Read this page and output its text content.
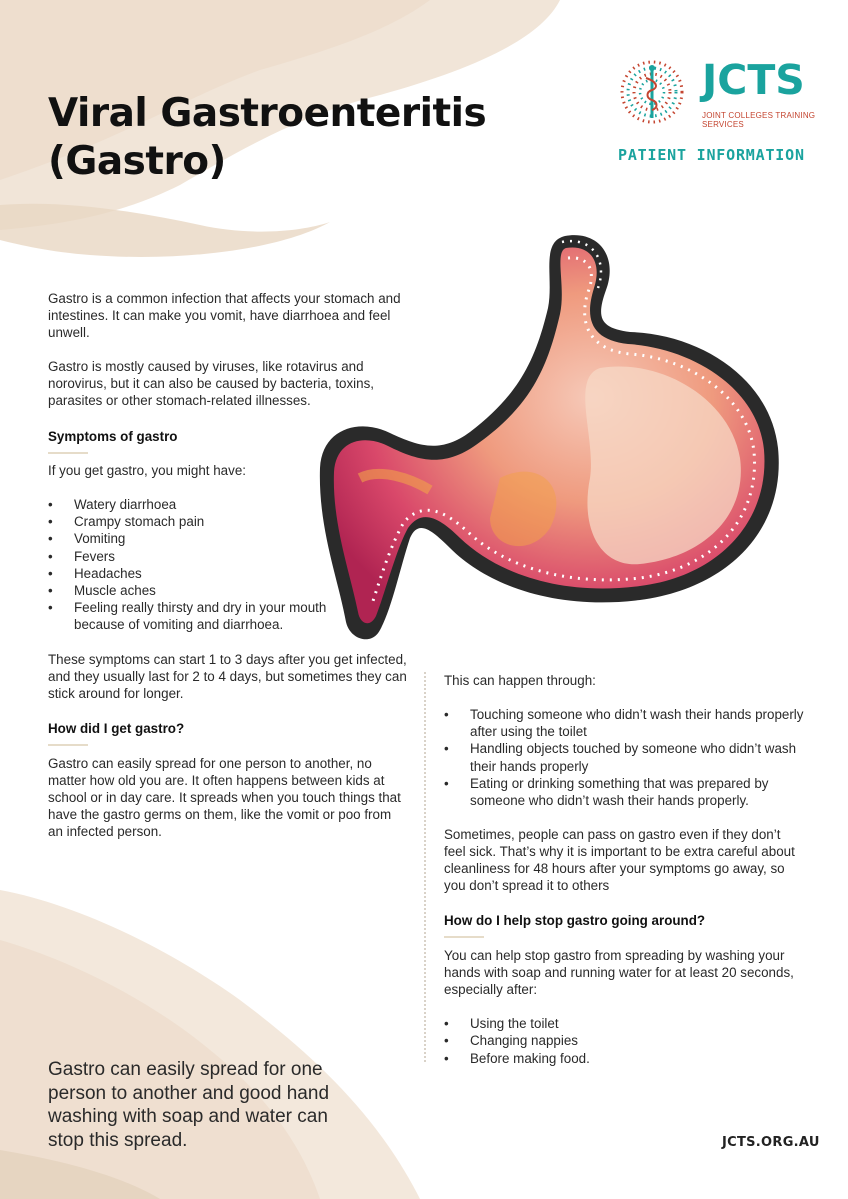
Viral Gastroenteritis
(Gastro)
JCTS
JOINT COLLEGES TRAINING SERVICES
PATIENT INFORMATION

Gastro is a common infection that affects your stomach and intestines. It can make you vomit, have diarrhoea and feel unwell.

Gastro is mostly caused by viruses, like rotavirus and norovirus, but it can also be caused by bacteria, toxins, parasites or other stomach-related illnesses.

Symptoms of gastro

If you get gastro, you might have:

• Watery diarrhoea
• Crampy stomach pain
• Vomiting
• Fevers
• Headaches
• Muscle aches
• Feeling really thirsty and dry in your mouth because of vomiting and diarrhoea.

These symptoms can start 1 to 3 days after you get infected, and they usually last for 2 to 4 days, but sometimes they can stick around for longer.

How did I get gastro?

Gastro can easily spread for one person to another, no matter how old you are. It often happens between kids at school or in day care. It spreads when you touch things that have the gastro germs on them, like the vomit or poo from an infected person.

This can happen through:

• Touching someone who didn’t wash their hands properly after using the toilet
• Handling objects touched by someone who didn’t wash their hands properly
• Eating or drinking something that was prepared by someone who didn’t wash their hands properly.

Sometimes, people can pass on gastro even if they don’t feel sick. That’s why it is important to be extra careful about cleanliness for 48 hours after your symptoms go away, so you don’t spread it to others

How do I help stop gastro going around?

You can help stop gastro from spreading by washing your hands with soap and running water for at least 20 seconds, especially after:

• Using the toilet
• Changing nappies
• Before making food.

Gastro can easily spread for one person to another and good hand washing with soap and water can stop this spread.	JCTS.ORG.AU
